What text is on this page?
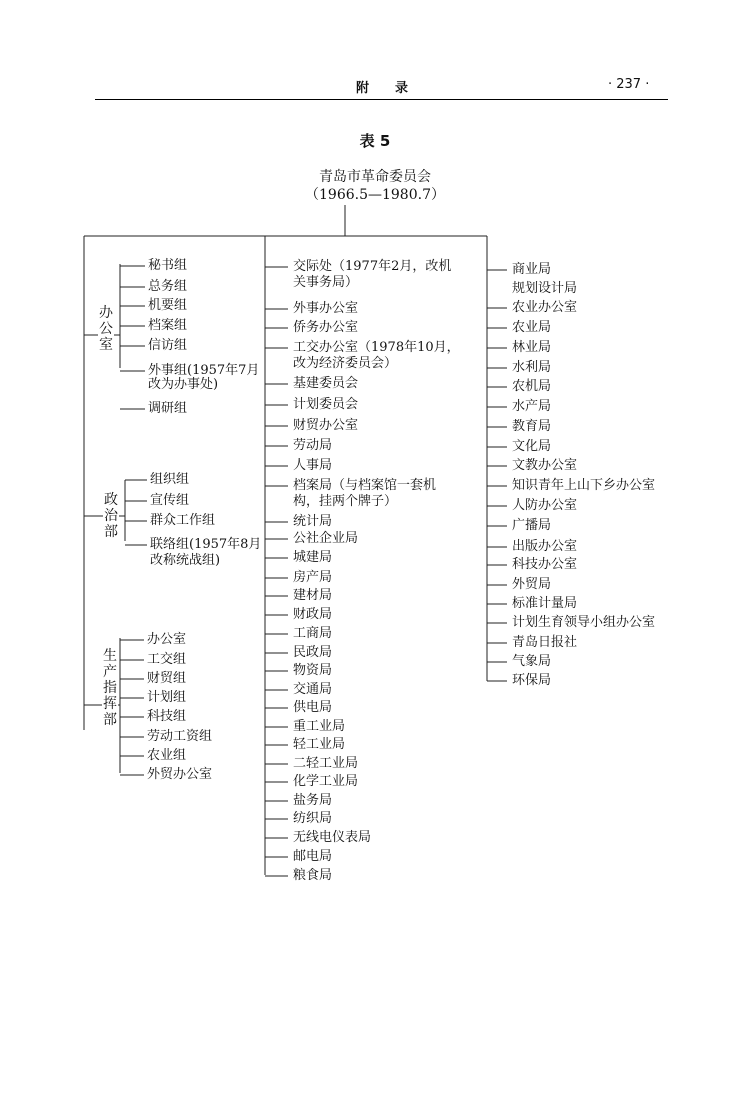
附　　录	· 237 ·
表 5
青岛市革命委员会
（1966.5—1980.7）
办公室
秘书组
总务组
机要组
档案组
信访组
外事组(1957年7月
改为办事处)
调研组
政治部
组织组
宣传组
群众工作组
联络组(1957年8月
改称统战组)
生产指挥部
办公室
工交组
财贸组
计划组
科技组
劳动工资组
农业组
外贸办公室
交际处（1977年2月，改机
关事务局）
外事办公室
侨务办公室
工交办公室（1978年10月，
改为经济委员会）
基建委员会
计划委员会
财贸办公室
劳动局
人事局
档案局（与档案馆一套机
构，挂两个牌子）
统计局
公社企业局
城建局
房产局
建材局
财政局
工商局
民政局
物资局
交通局
供电局
重工业局
轻工业局
二轻工业局
化学工业局
盐务局
纺织局
无线电仪表局
邮电局
粮食局
商业局
规划设计局
农业办公室
农业局
林业局
水利局
农机局
水产局
教育局
文化局
文教办公室
知识青年上山下乡办公室
人防办公室
广播局
出版办公室
科技办公室
外贸局
标准计量局
计划生育领导小组办公室
青岛日报社
气象局
环保局
